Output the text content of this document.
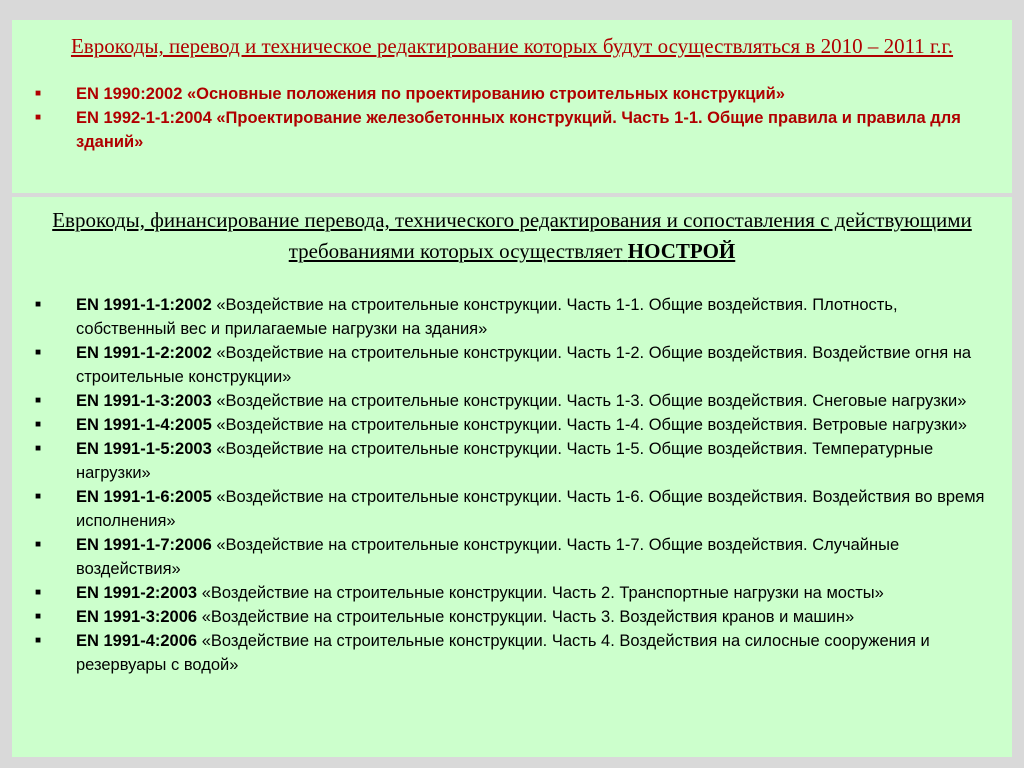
Еврокоды, перевод и техническое редактирование которых будут осуществляться в 2010 – 2011 г.г.

■ EN 1990:2002 «Основные положения по проектированию строительных конструкций»
■ EN 1992-1-1:2004 «Проектирование железобетонных конструкций. Часть 1-1. Общие правила и правила для зданий»

Еврокоды, финансирование перевода, технического редактирования и сопоставления с действующими требованиями которых осуществляет НОСТРОЙ

■ EN 1991-1-1:2002 «Воздействие на строительные конструкции. Часть 1-1. Общие воздействия. Плотность, собственный вес и прилагаемые нагрузки на здания»
■ EN 1991-1-2:2002 «Воздействие на строительные конструкции. Часть 1-2. Общие воздействия. Воздействие огня на строительные конструкции»
■ EN 1991-1-3:2003 «Воздействие на строительные конструкции. Часть 1-3. Общие воздействия. Снеговые нагрузки»
■ EN 1991-1-4:2005 «Воздействие на строительные конструкции. Часть 1-4. Общие воздействия. Ветровые нагрузки»
■ EN 1991-1-5:2003 «Воздействие на строительные конструкции. Часть 1-5. Общие воздействия. Температурные нагрузки»
■ EN 1991-1-6:2005 «Воздействие на строительные конструкции. Часть 1-6. Общие воздействия. Воздействия во время исполнения»
■ EN 1991-1-7:2006 «Воздействие на строительные конструкции. Часть 1-7. Общие воздействия. Случайные воздействия»
■ EN 1991-2:2003 «Воздействие на строительные конструкции. Часть 2. Транспортные нагрузки на мосты»
■ EN 1991-3:2006 «Воздействие на строительные конструкции. Часть 3. Воздействия кранов и машин»
■ EN 1991-4:2006 «Воздействие на строительные конструкции. Часть 4. Воздействия на силосные сооружения и резервуары с водой»
